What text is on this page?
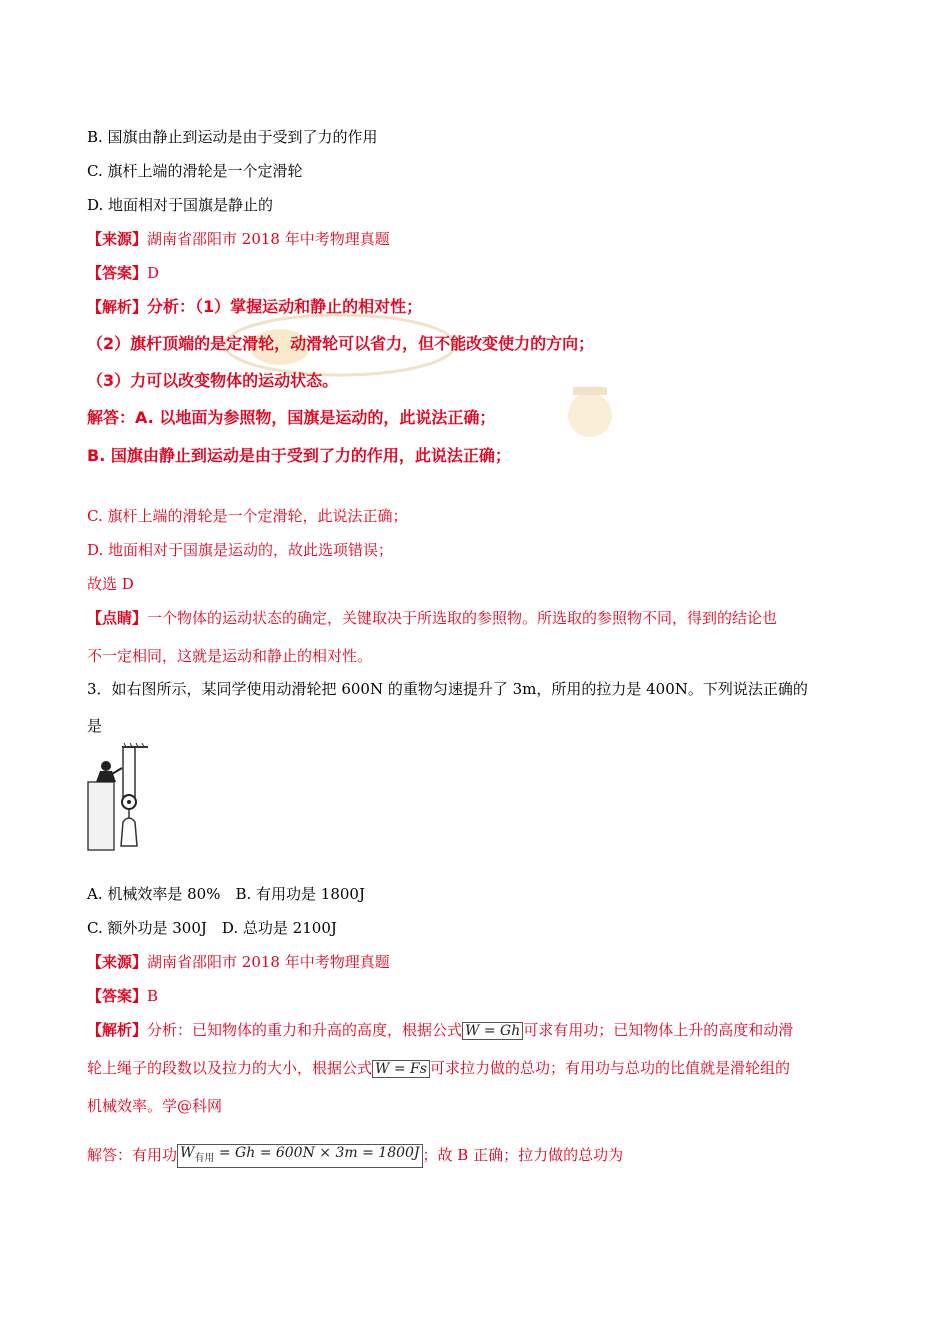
B. 国旗由静止到运动是由于受到了力的作用
C. 旗杆上端的滑轮是一个定滑轮
D. 地面相对于国旗是静止的
【来源】湖南省邵阳市 2018 年中考物理真题
【答案】D
【解析】分析：（1）掌握运动和静止的相对性；
（2）旗杆顶端的是定滑轮，动滑轮可以省力，但不能改变使力的方向；
（3）力可以改变物体的运动状态。
解答：A. 以地面为参照物，国旗是运动的，此说法正确；
B. 国旗由静止到运动是由于受到了力的作用，此说法正确；
C. 旗杆上端的滑轮是一个定滑轮，此说法正确；
D. 地面相对于国旗是运动的，故此选项错误；
故选 D
【点睛】一个物体的运动状态的确定，关键取决于所选取的参照物。所选取的参照物不同，得到的结论也
不一定相同，这就是运动和静止的相对性。
3．如右图所示，某同学使用动滑轮把 600N 的重物匀速提升了 3m，所用的拉力是 400N。下列说法正确的
是
A. 机械效率是 80%　B. 有用功是 1800J
C. 额外功是 300J　D. 总功是 2100J
【来源】湖南省邵阳市 2018 年中考物理真题
【答案】B
【解析】分析：已知物体的重力和升高的高度，根据公式 W = Gh 可求有用功；已知物体上升的高度和动滑
轮上绳子的段数以及拉力的大小，根据公式 W = Fs 可求拉力做的总功；有用功与总功的比值就是滑轮组的
机械效率。学@科网
解答：有用功 $W_{有用} = Gh = 600N \times 3m = 1800J$ ；故 B 正确；拉力做的总功为
